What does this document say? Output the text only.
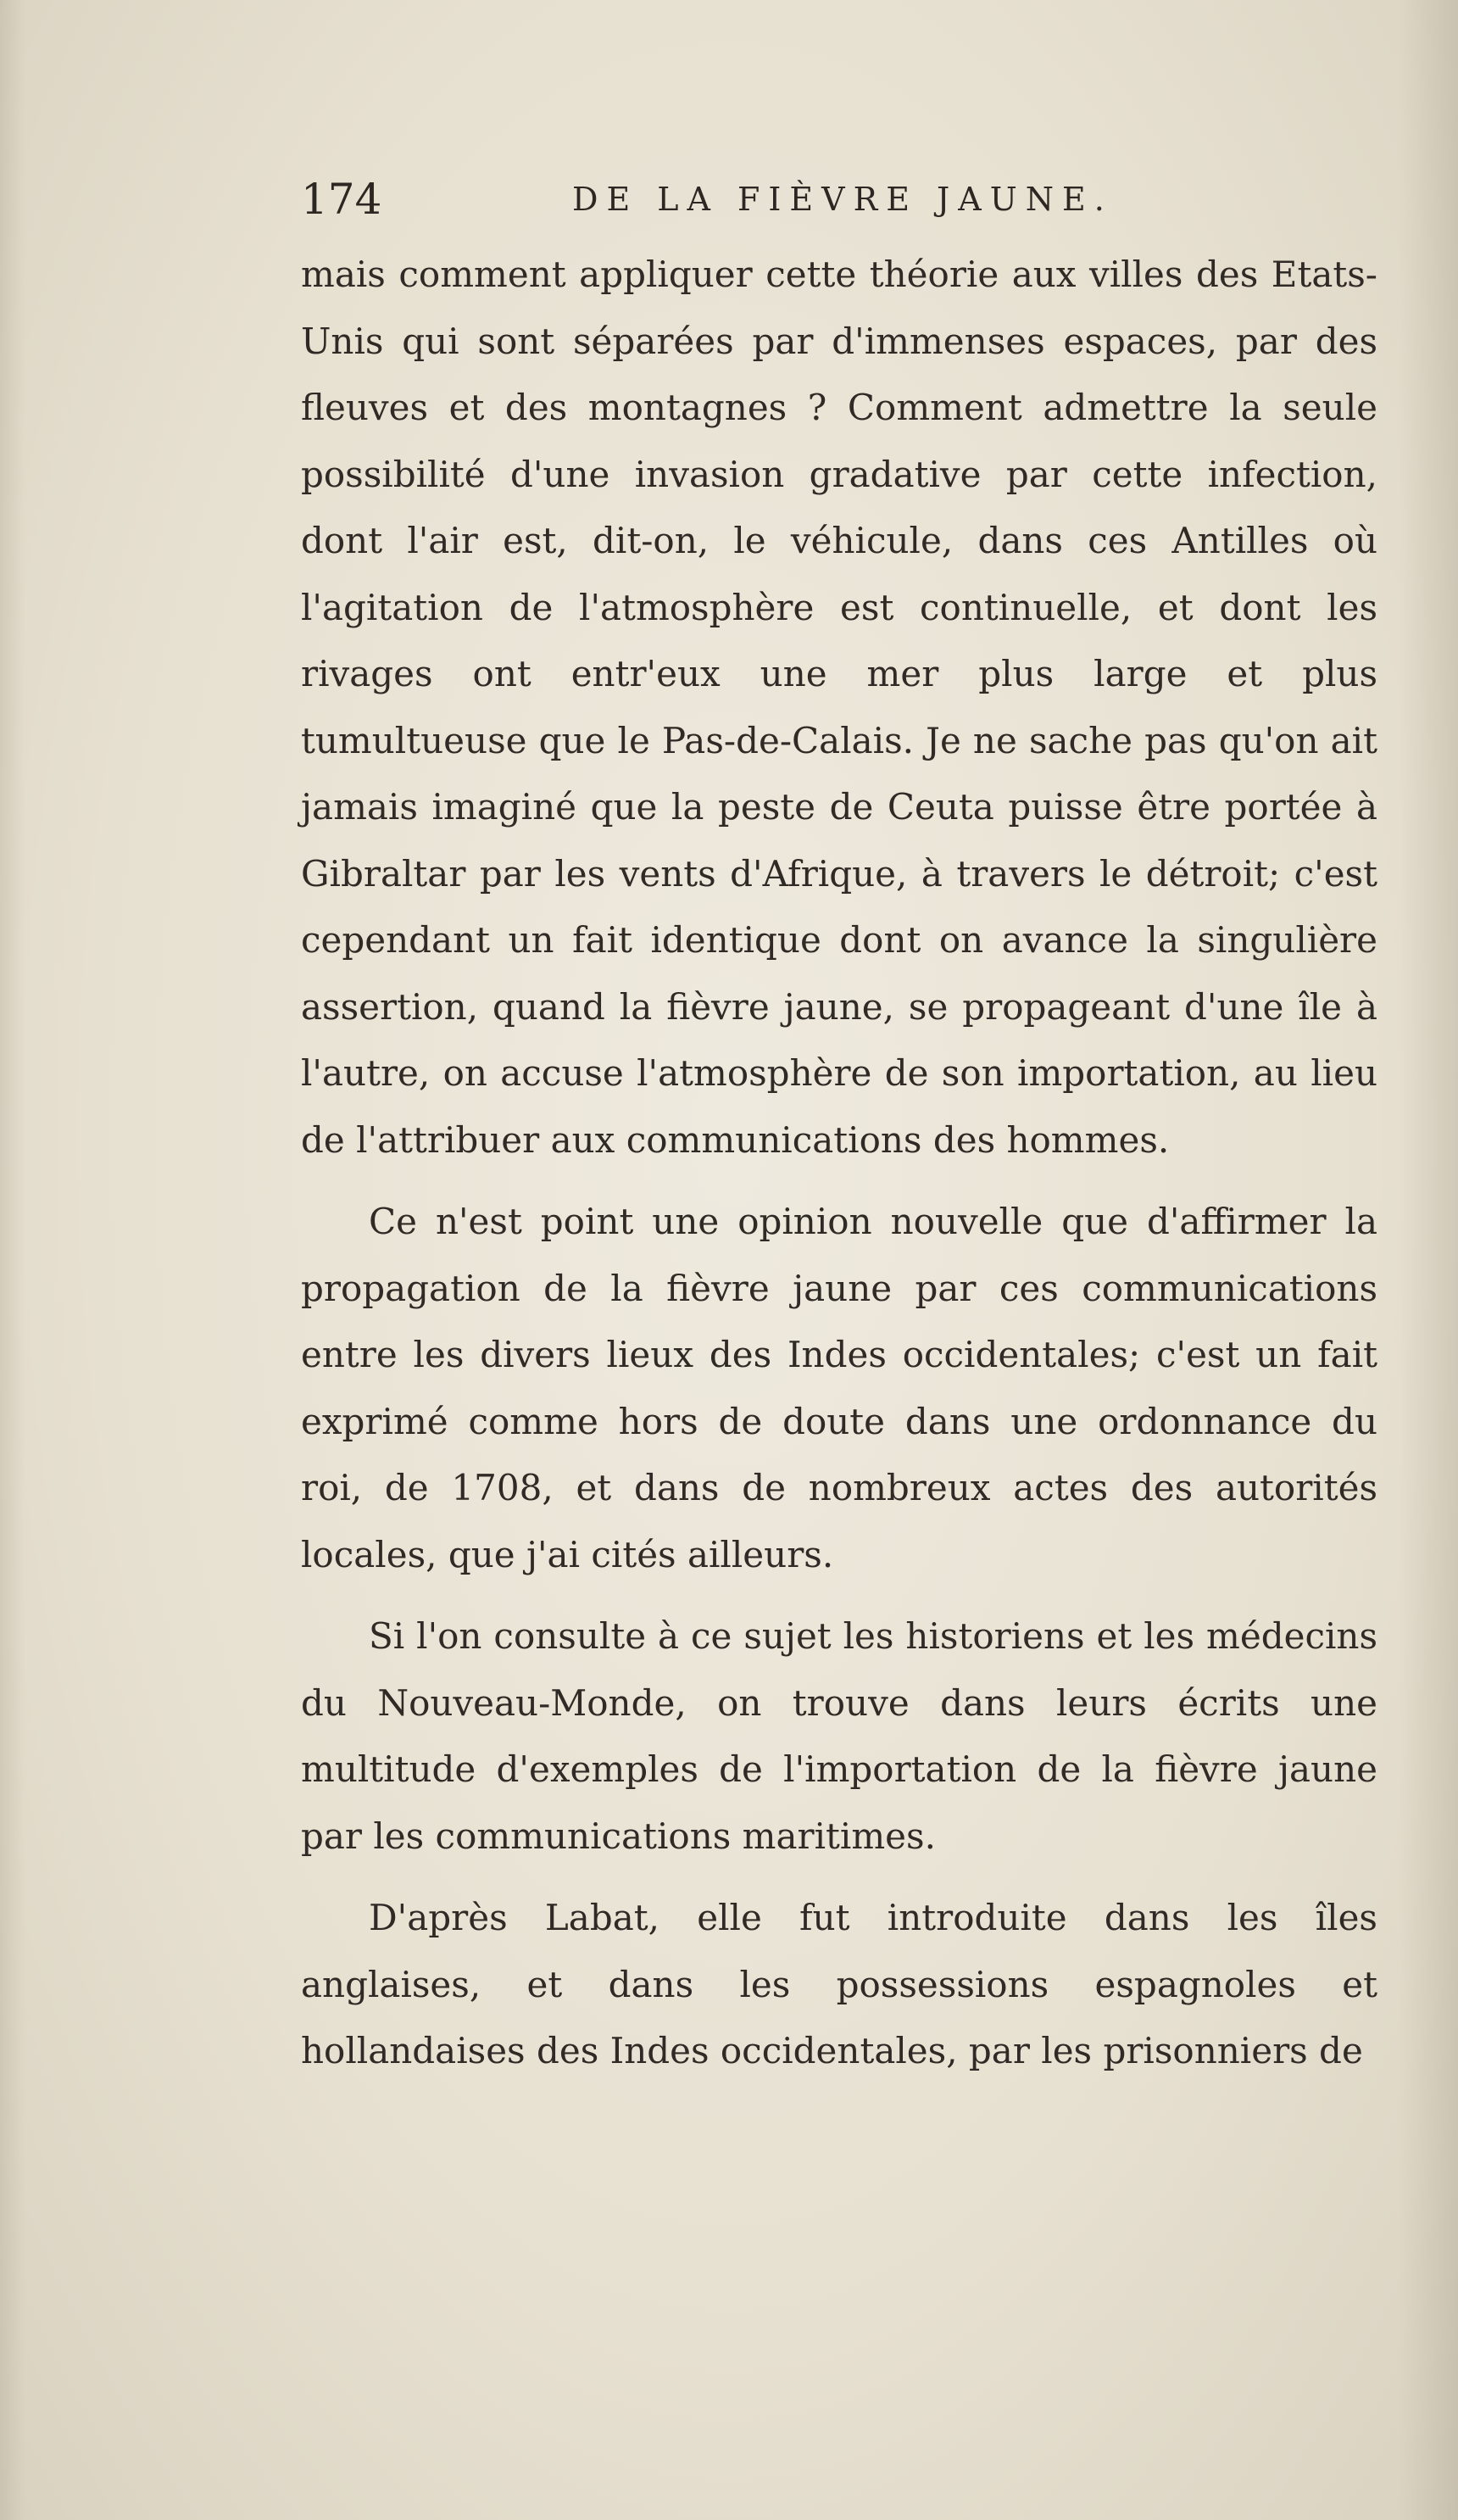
174	DE LA FIÈVRE JAUNE.

mais comment appliquer cette théorie aux villes des Etats-Unis qui sont séparées par d'immenses espaces, par des fleuves et des montagnes ? Comment admettre la seule possibilité d'une invasion gradative par cette infection, dont l'air est, dit-on, le véhicule, dans ces Antilles où l'agitation de l'atmosphère est continuelle, et dont les rivages ont entr'eux une mer plus large et plus tumultueuse que le Pas-de-Calais. Je ne sache pas qu'on ait jamais imaginé que la peste de Ceuta puisse être portée à Gibraltar par les vents d'Afrique, à travers le détroit; c'est cependant un fait identique dont on avance la singulière assertion, quand la fièvre jaune, se propageant d'une île à l'autre, on accuse l'atmosphère de son importation, au lieu de l'attribuer aux communications des hommes.

Ce n'est point une opinion nouvelle que d'affirmer la propagation de la fièvre jaune par ces communications entre les divers lieux des Indes occidentales; c'est un fait exprimé comme hors de doute dans une ordonnance du roi, de 1708, et dans de nombreux actes des autorités locales, que j'ai cités ailleurs.

Si l'on consulte à ce sujet les historiens et les médecins du Nouveau-Monde, on trouve dans leurs écrits une multitude d'exemples de l'importation de la fièvre jaune par les communications maritimes.

D'après Labat, elle fut introduite dans les îles anglaises, et dans les possessions espagnoles et hollandaises des Indes occidentales, par les prisonniers de
